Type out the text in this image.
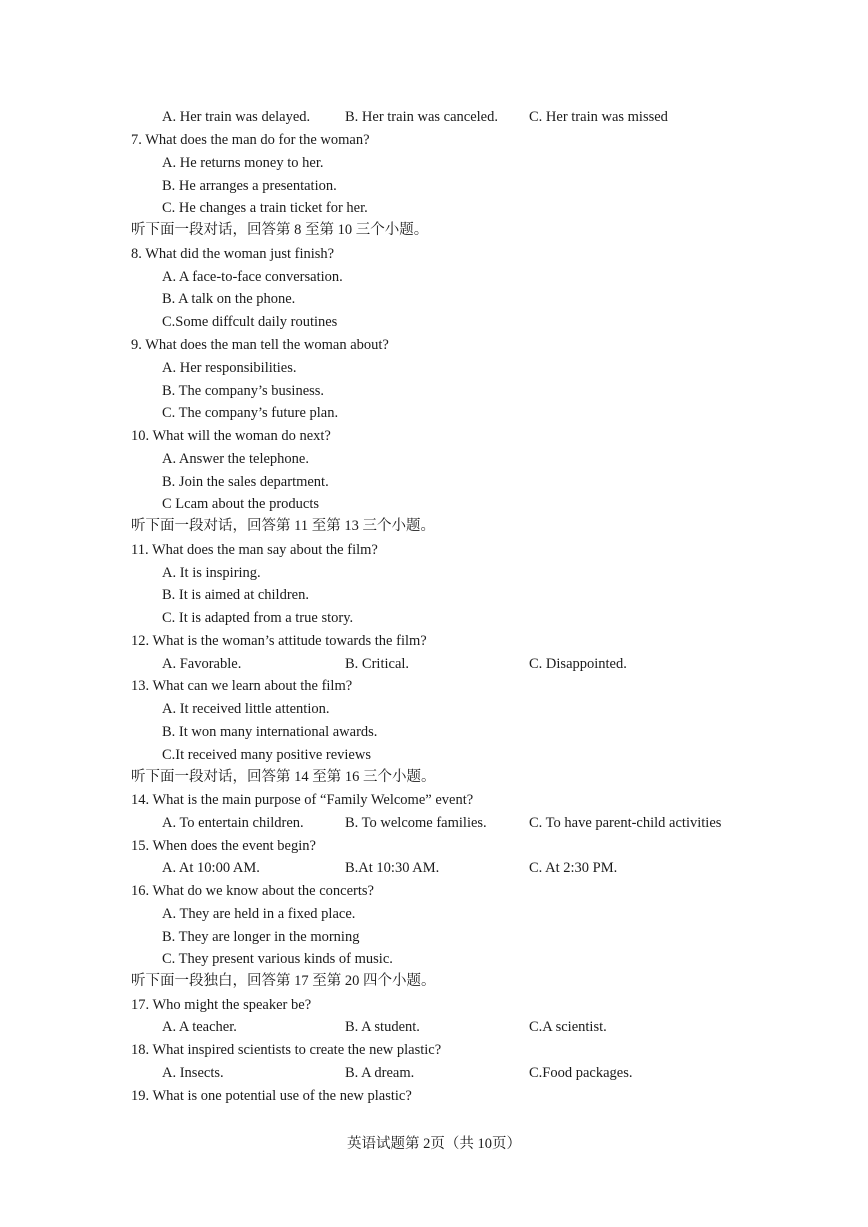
A. Her train was delayed. B. Her train was canceled. C. Her train was missed
7. What does the man do for the woman?
A. He returns money to her.
B. He arranges a presentation.
C. He changes a train ticket for her.
听下面一段对话，回答第 8 至第 10 三个小题。
8. What did the woman just finish?
A. A face-to-face conversation.
B. A talk on the phone.
C.Some diffcult daily routines
9. What does the man tell the woman about?
A. Her responsibilities.
B. The company’s business.
C. The company’s future plan.
10. What will the woman do next?
A. Answer the telephone.
B. Join the sales department.
C Lcam about the products
听下面一段对话，回答第 11 至第 13 三个小题。
11. What does the man say about the film?
A. It is inspiring.
B. It is aimed at children.
C. It is adapted from a true story.
12. What is the woman’s attitude towards the film?
A. Favorable.	B. Critical.	C. Disappointed.
13. What can we learn about the film?
A. It received little attention.
B. It won many international awards.
C.It received many positive reviews
听下面一段对话，回答第 14 至第 16 三个小题。
14. What is the main purpose of “Family Welcome” event?
A. To entertain children.	B. To welcome families.	C. To have parent-child activities
15. When does the event begin?
A. At 10:00 AM.	B.At 10:30 AM.	C. At 2:30 PM.
16. What do we know about the concerts?
A. They are held in a fixed place.
B. They are longer in the morning
C. They present various kinds of music.
听下面一段独白，回答第 17 至第 20 四个小题。
17. Who might the speaker be?
A. A teacher.	B. A student.	C.A scientist.
18. What inspired scientists to create the new plastic?
A. Insects.	B. A dream.	C.Food packages.
19. What is one potential use of the new plastic?
英语试题第 2页（共 10页）
